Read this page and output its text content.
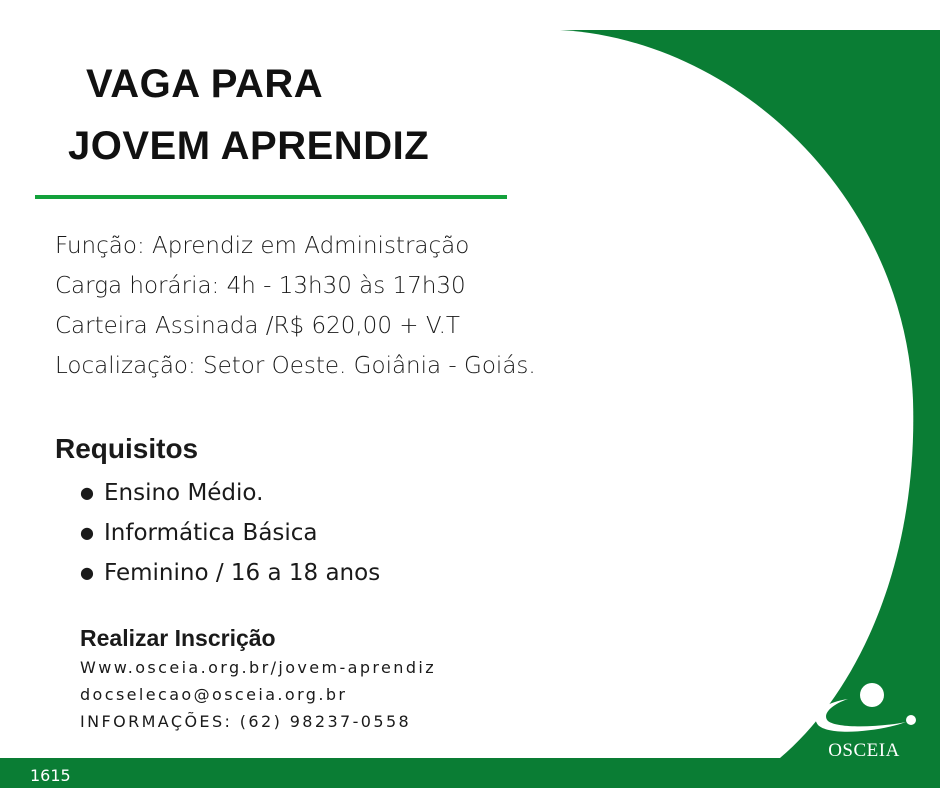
VAGA PARA
JOVEM APRENDIZ
Função: Aprendiz em Administração
Carga horária: 4h - 13h30 às 17h30
Carteira Assinada /R$ 620,00 + V.T
Localização: Setor Oeste. Goiânia - Goiás.
Requisitos
● Ensino Médio.
● Informática Básica
● Feminino / 16 a 18 anos
Realizar Inscrição
Www.osceia.org.br/jovem-aprendiz
docselecao@osceia.org.br
INFORMAÇÕES: (62) 98237-0558
1615
OSCEIA
